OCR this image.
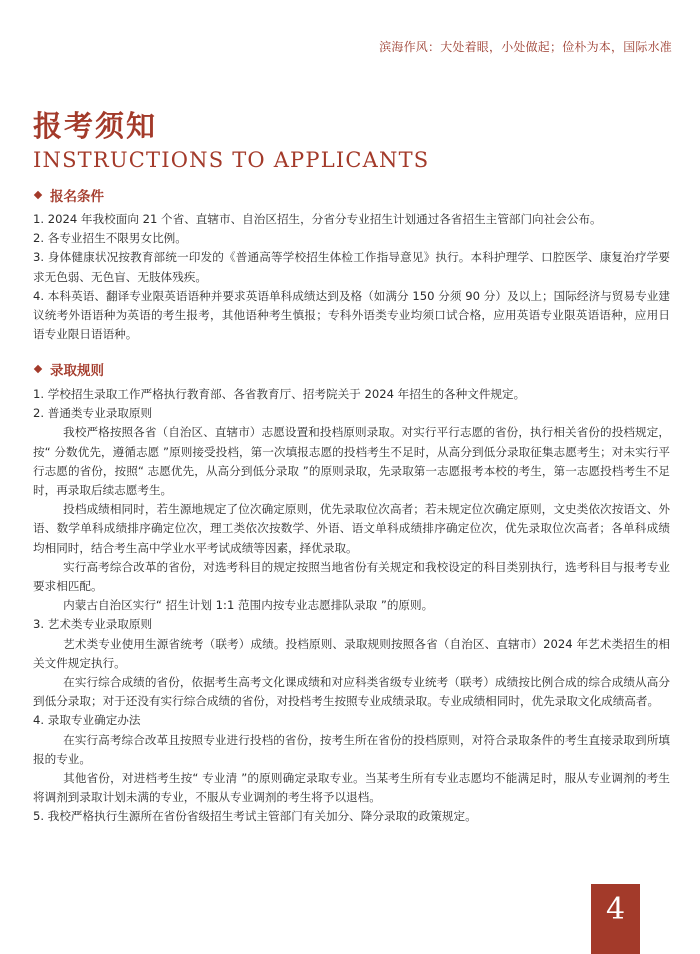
滨海作风：大处着眼，小处做起；俭朴为本，国际水准
报考须知
INSTRUCTIONS TO APPLICANTS
报名条件

1. 2024 年我校面向 21 个省、直辖市、自治区招生，分省分专业招生计划通过各省招生主管部门向社会公布。

2. 各专业招生不限男女比例。

3. 身体健康状况按教育部统一印发的《普通高等学校招生体检工作指导意见》执行。本科护理学、口腔医学、康复治疗学要求无色弱、无色盲、无肢体残疾。

4. 本科英语、翻译专业限英语语种并要求英语单科成绩达到及格（如满分 150 分须 90 分）及以上；国际经济与贸易专业建议统考外语语种为英语的考生报考，其他语种考生慎报；专科外语类专业均须口试合格，应用英语专业限英语语种，应用日语专业限日语语种。

录取规则

1. 学校招生录取工作严格执行教育部、各省教育厅、招考院关于 2024 年招生的各种文件规定。

2. 普通类专业录取原则

我校严格按照各省（自治区、直辖市）志愿设置和投档原则录取。对实行平行志愿的省份，执行相关省份的投档规定，按“ 分数优先，遵循志愿 ”原则接受投档，第一次填报志愿的投档考生不足时，从高分到低分录取征集志愿考生；对未实行平行志愿的省份，按照“ 志愿优先，从高分到低分录取 ”的原则录取，先录取第一志愿报考本校的考生，第一志愿投档考生不足时，再录取后续志愿考生。

投档成绩相同时，若生源地规定了位次确定原则，优先录取位次高者；若未规定位次确定原则，文史类依次按语文、外语、数学单科成绩排序确定位次，理工类依次按数学、外语、语文单科成绩排序确定位次，优先录取位次高者；各单科成绩均相同时，结合考生高中学业水平考试成绩等因素，择优录取。

实行高考综合改革的省份，对选考科目的规定按照当地省份有关规定和我校设定的科目类别执行，选考科目与报考专业要求相匹配。

内蒙古自治区实行“ 招生计划 1:1 范围内按专业志愿排队录取 ”的原则。

3. 艺术类专业录取原则

艺术类专业使用生源省统考（联考）成绩。投档原则、录取规则按照各省（自治区、直辖市）2024 年艺术类招生的相关文件规定执行。

在实行综合成绩的省份，依据考生高考文化课成绩和对应科类省级专业统考（联考）成绩按比例合成的综合成绩从高分到低分录取；对于还没有实行综合成绩的省份，对投档考生按照专业成绩录取。专业成绩相同时，优先录取文化成绩高者。

4. 录取专业确定办法

在实行高考综合改革且按照专业进行投档的省份，按考生所在省份的投档原则，对符合录取条件的考生直接录取到所填报的专业。

其他省份，对进档考生按“ 专业清 ”的原则确定录取专业。当某考生所有专业志愿均不能满足时，服从专业调剂的考生将调剂到录取计划未满的专业，不服从专业调剂的考生将予以退档。

5. 我校严格执行生源所在省份省级招生考试主管部门有关加分、降分录取的政策规定。

4
